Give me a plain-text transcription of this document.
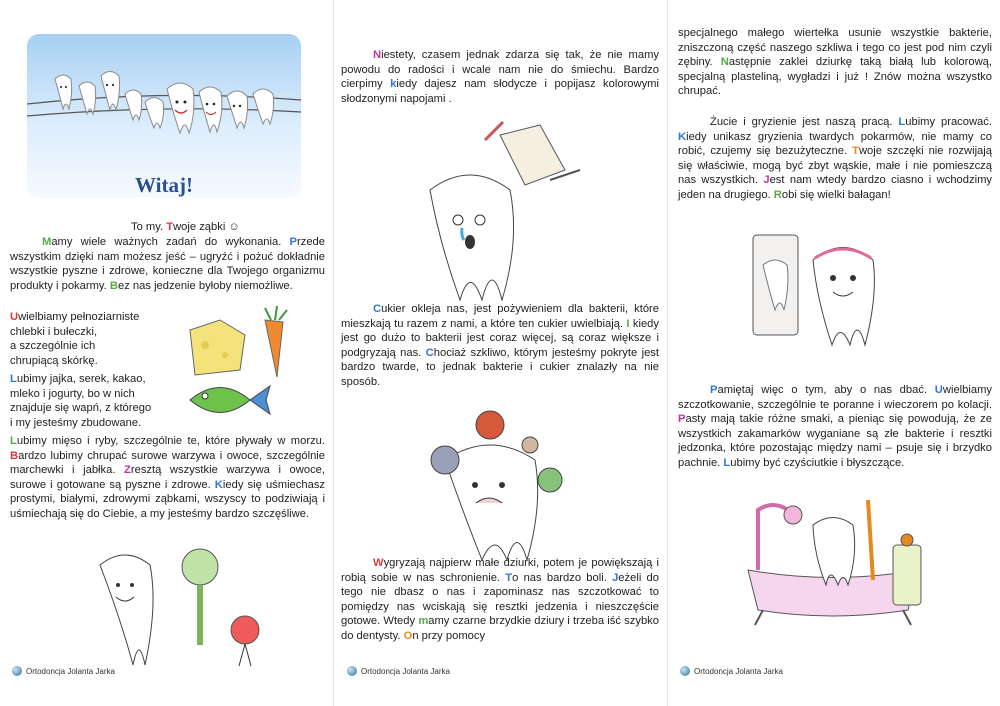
Witaj!

To my. Twoje ząbki ☺

Mamy wiele ważnych zadań do wykonania. Przede wszystkim dzięki nam możesz jeść – ugryźć i pożuć dokładnie wszystkie pyszne i zdrowe, konieczne dla Twojego organizmu produkty i pokarmy. Bez nas jedzenie byłoby niemożliwe.

Uwielbiamy pełnoziarniste
chlebki i bułeczki,
a szczególnie ich
chrupiącą skórkę.

Lubimy jajka, serek, kakao,
mleko i jogurty, bo w nich
znajduje się wapń, z którego
i my jesteśmy zbudowane.

Lubimy mięso i ryby, szczególnie te, które pływały w morzu. Bardzo lubimy chrupać surowe warzywa i owoce, szczególnie marchewki i jabłka. Zresztą wszystkie warzywa i owoce, surowe i gotowane są pyszne i zdrowe. Kiedy się uśmiechasz prostymi, białymi, zdrowymi ząbkami, wszyscy to podziwiają i uśmiechają się do Ciebie, a my jesteśmy bardzo szczęśliwe.

Ortodoncja Jolanta Jarka

Niestety, czasem jednak zdarza się tak, że nie mamy powodu do radości i wcale nam nie do śmiechu. Bardzo cierpimy kiedy dajesz nam słodycze i popijasz kolorowymi słodzonymi napojami .

Cukier okleja nas, jest pożywieniem dla bakterii, które mieszkają tu razem z nami, a które ten cukier uwielbiają. I kiedy jest go dużo to bakterii jest coraz więcej, są coraz większe i podgryzają nas. Chociaż szkliwo, którym jesteśmy pokryte jest bardzo twarde, to jednak bakterie i cukier znalazły na nie sposób.

Wygryzają najpierw małe dziurki, potem je powiększają i robią sobie w nas schronienie. To nas bardzo boli. Jeżeli do tego nie dbasz o nas i zapominasz nas szczotkować to pomiędzy nas wciskają się resztki jedzenia i nieszczęście gotowe. Wtedy mamy czarne brzydkie dziury i trzeba iść szybko do dentysty. On przy pomocy

Ortodoncja Jolanta Jarka

specjalnego małego wiertełka usunie wszystkie bakterie, zniszczoną część naszego szkliwa i tego co jest pod nim czyli zębiny. Następnie zaklei dziurkę taką białą lub kolorową, specjalną plasteliną, wygładzi i już ! Znów można wszystko chrupać.

Żucie i gryzienie jest naszą pracą. Lubimy pracować. Kiedy unikasz gryzienia twardych pokarmów, nie mamy co robić, czujemy się bezużyteczne. Twoje szczęki nie rozwijają się właściwie, mogą być zbyt wąskie, małe i nie pomieszczą nas wszystkich. Jest nam wtedy bardzo ciasno i wchodzimy jeden na drugiego. Robi się wielki bałagan!

Pamiętaj więc o tym, aby o nas dbać. Uwielbiamy szczotkowanie, szczególnie te poranne i wieczorem po kolacji. Pasty mają takie różne smaki, a pieniąc się powodują, że ze wszystkich zakamarków wyganiane są złe bakterie i resztki jedzonka, które pozostając między nami – psuje się i brzydko pachnie. Lubimy być czyściutkie i błyszczące.

Ortodoncja Jolanta Jarka
